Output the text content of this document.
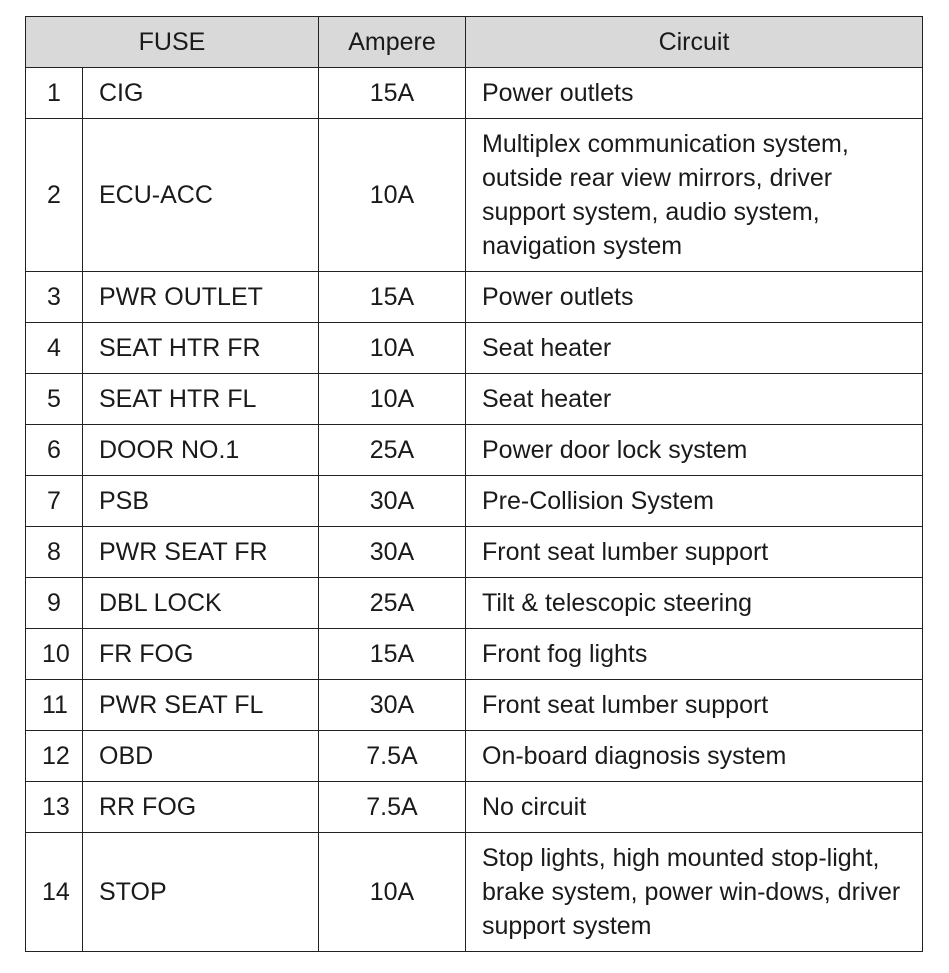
FUSE		Ampere	Circuit
1	CIG	15A	Power outlets
2	ECU-ACC	10A	Multiplex communication system, outside rear view mirrors, driver support system, audio system, navigation system
3	PWR OUTLET	15A	Power outlets
4	SEAT HTR FR	10A	Seat heater
5	SEAT HTR FL	10A	Seat heater
6	DOOR NO.1	25A	Power door lock system
7	PSB	30A	Pre-Collision System
8	PWR SEAT FR	30A	Front seat lumber support
9	DBL LOCK	25A	Tilt & telescopic steering
10	FR FOG	15A	Front fog lights
11	PWR SEAT FL	30A	Front seat lumber support
12	OBD	7.5A	On-board diagnosis system
13	RR FOG	7.5A	No circuit
14	STOP	10A	Stop lights, high mounted stop-light, brake system, power win-dows, driver support system
